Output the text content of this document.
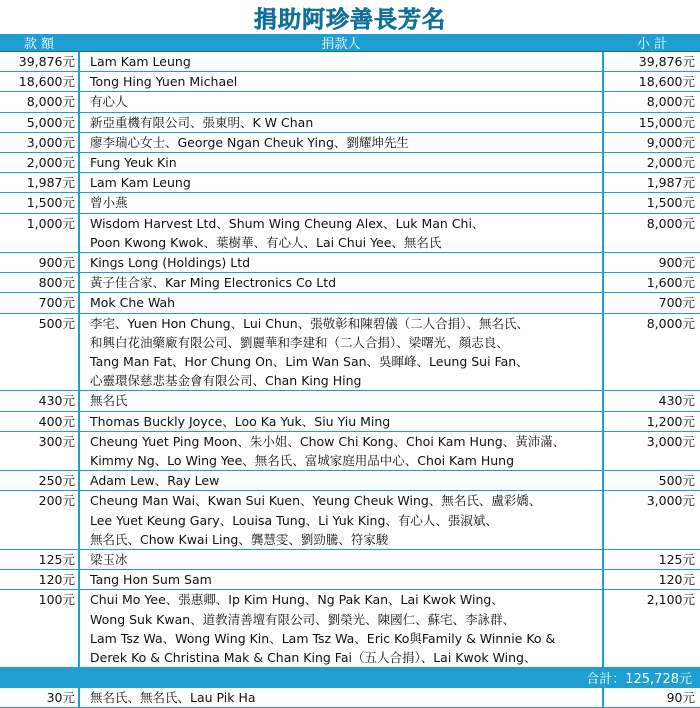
捐助阿珍善長芳名
款 額	捐款人	小 計
39,876元	Lam Kam Leung	39,876元
18,600元	Tong Hing Yuen Michael	18,600元
8,000元	有心人	8,000元
5,000元	新亞重機有限公司、張東明、K W Chan	15,000元
3,000元	廖李瑞心女士、George Ngan Cheuk Ying、劉耀坤先生	9,000元
2,000元	Fung Yeuk Kin	2,000元
1,987元	Lam Kam Leung	1,987元
1,500元	曾小燕	1,500元
1,000元	Wisdom Harvest Ltd、Shum Wing Cheung Alex、Luk Man Chi、
Poon Kwong Kwok、葉樹華、有心人、Lai Chui Yee、無名氏	8,000元
900元	Kings Long (Holdings) Ltd	900元
800元	黃子佳合家、Kar Ming Electronics Co Ltd	1,600元
700元	Mok Che Wah	700元
500元	李宅、Yuen Hon Chung、Lui Chun、張敬彰和陳碧儀（二人合捐）、無名氏、
和興白花油藥廠有限公司、劉麗華和李建和（二人合捐）、梁曙光、顏志良、
Tang Man Fat、Hor Chung On、Lim Wan San、吳暉峰、Leung Sui Fan、
心靈環保慈悲基金會有限公司、Chan King Hing	8,000元
430元	無名氏	430元
400元	Thomas Buckly Joyce、Loo Ka Yuk、Siu Yiu Ming	1,200元
300元	Cheung Yuet Ping Moon、朱小姐、Chow Chi Kong、Choi Kam Hung、黃沛滿、
Kimmy Ng、Lo Wing Yee、無名氏、富城家庭用品中心、Choi Kam Hung	3,000元
250元	Adam Lew、Ray Lew	500元
200元	Cheung Man Wai、Kwan Sui Kuen、Yeung Cheuk Wing、無名氏、盧彩嬌、
Lee Yuet Keung Gary、Louisa Tung、Li Yuk King、有心人、張淑斌、
無名氏、Chow Kwai Ling、龔慧雯、劉勁騰、符家駿	3,000元
125元	梁玉冰	125元
120元	Tang Hon Sum Sam	120元
100元	Chui Mo Yee、張惠卿、Ip Kim Hung、Ng Pak Kan、Lai Kwok Wing、
Wong Suk Kwan、道教清善壇有限公司、劉榮光、陳國仁、蘇宅、李詠群、
Lam Tsz Wa、Wong Wing Kin、Lam Tsz Wa、Eric Ko與Family & Winnie Ko &
Derek Ko & Christina Mak & Chan King Fai（五人合捐）、Lai Kwok Wing、	2,100元
30元	無名氏、無名氏、Lau Pik Ha	90元
合計：125,728元
